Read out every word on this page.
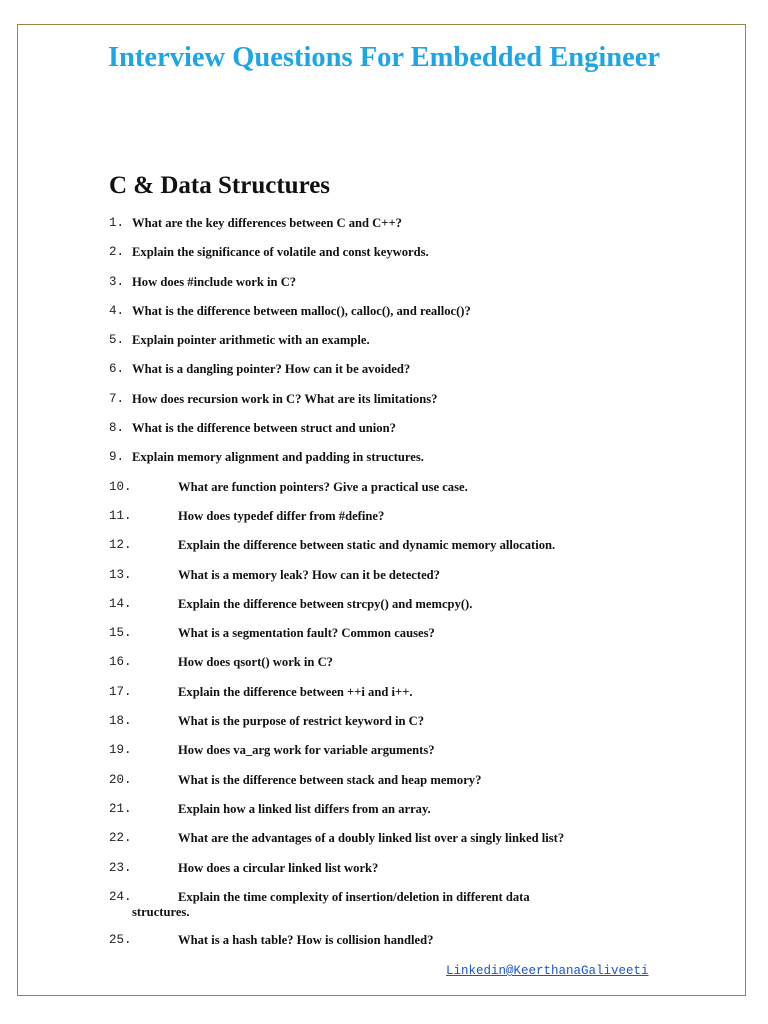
Interview Questions For Embedded Engineer
C & Data Structures
1. What are the key differences between C and C++?
2. Explain the significance of volatile and const keywords.
3. How does #include work in C?
4. What is the difference between malloc(), calloc(), and realloc()?
5. Explain pointer arithmetic with an example.
6. What is a dangling pointer? How can it be avoided?
7. How does recursion work in C? What are its limitations?
8. What is the difference between struct and union?
9. Explain memory alignment and padding in structures.
10.	What are function pointers? Give a practical use case.
11.	How does typedef differ from #define?
12.	Explain the difference between static and dynamic memory allocation.
13.	What is a memory leak? How can it be detected?
14.	Explain the difference between strcpy() and memcpy().
15.	What is a segmentation fault? Common causes?
16.	How does qsort() work in C?
17.	Explain the difference between ++i and i++.
18.	What is the purpose of restrict keyword in C?
19.	How does va_arg work for variable arguments?
20.	What is the difference between stack and heap memory?
21.	Explain how a linked list differs from an array.
22.	What are the advantages of a doubly linked list over a singly linked list?
23.	How does a circular linked list work?
24.	Explain the time complexity of insertion/deletion in different data
structures.
25.	What is a hash table? How is collision handled?
Linkedin@KeerthanaGaliveeti
